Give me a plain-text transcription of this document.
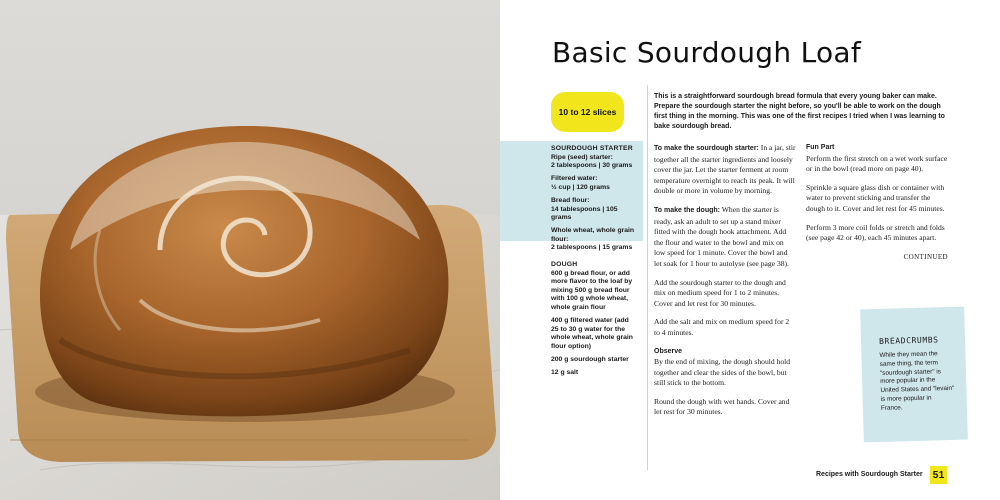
Basic Sourdough Loaf
10 to 12 slices
SOURDOUGH STARTER
Ripe (seed) starter:
2 tablespoons | 30 grams
Filtered water:
½ cup | 120 grams
Bread flour:
14 tablespoons | 105 grams
Whole wheat, whole grain flour:
2 tablespoons | 15 grams
DOUGH
600 g bread flour, or add more flavor to the loaf by mixing 500 g bread flour with 100 g whole wheat, whole grain flour
400 g filtered water (add 25 to 30 g water for the whole wheat, whole grain flour option)
200 g sourdough starter
12 g salt

This is a straightforward sourdough bread formula that every young baker can make. Prepare the sourdough starter the night before, so you'll be able to work on the dough first thing in the morning. This was one of the first recipes I tried when I was learning to bake sourdough bread.

To make the sourdough starter: In a jar, stir together all the starter ingredients and loosely cover the jar. Let the starter ferment at room temperature overnight to reach its peak. It will double or more in volume by morning.

To make the dough: When the starter is ready, ask an adult to set up a stand mixer fitted with the dough hook attachment. Add the flour and water to the bowl and mix on low speed for 1 minute. Cover the bowl and let soak for 1 hour to autolyse (see page 38).

Add the sourdough starter to the dough and mix on medium speed for 1 to 2 minutes. Cover and let rest for 30 minutes.

Add the salt and mix on medium speed for 2 to 4 minutes.

Observe

By the end of mixing, the dough should hold together and clear the sides of the bowl, but still stick to the bottom.

Round the dough with wet hands. Cover and let rest for 30 minutes.

Fun Part

Perform the first stretch on a wet work surface or in the bowl (read more on page 40).

Sprinkle a square glass dish or container with water to prevent sticking and transfer the dough to it. Cover and let rest for 45 minutes.

Perform 3 more coil folds or stretch and folds (see page 42 or 40), each 45 minutes apart.

CONTINUED
BREADCRUMBS
While they mean the same thing, the term "sourdough starter" is more popular in the United States and "levain" is more popular in France.
Recipes with Sourdough Starter 51
